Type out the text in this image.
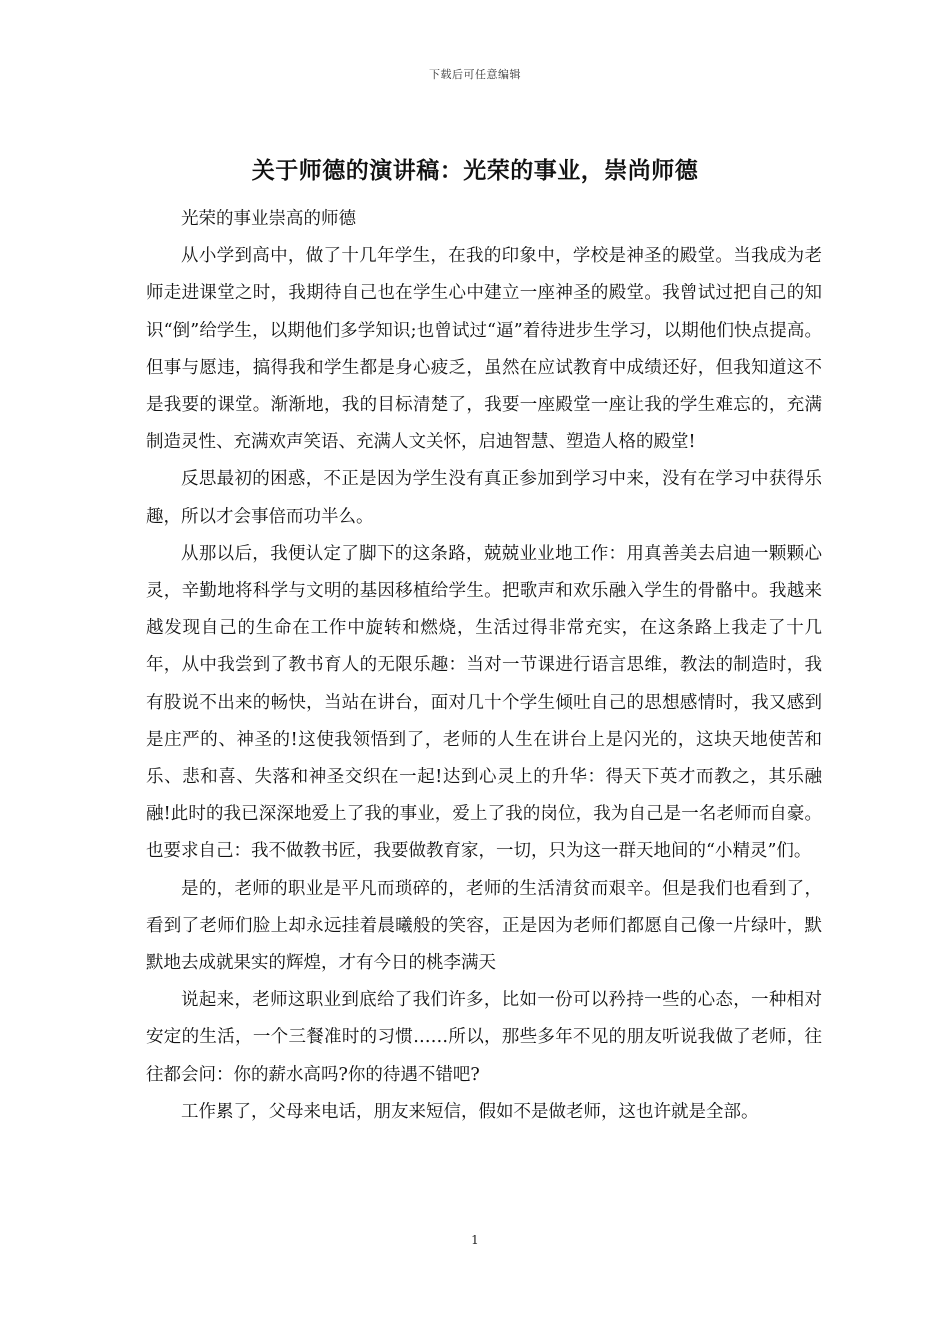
下载后可任意编辑
关于师德的演讲稿：光荣的事业，崇尚师德

光荣的事业崇高的师德

从小学到高中，做了十几年学生，在我的印象中，学校是神圣的殿堂。当我成为老师走进课堂之时，我期待自己也在学生心中建立一座神圣的殿堂。我曾试过把自己的知识“倒”给学生，以期他们多学知识;也曾试过“逼”着待进步生学习，以期他们快点提高。但事与愿违，搞得我和学生都是身心疲乏，虽然在应试教育中成绩还好，但我知道这不是我要的课堂。渐渐地，我的目标清楚了，我要一座殿堂一座让我的学生难忘的，充满制造灵性、充满欢声笑语、充满人文关怀，启迪智慧、塑造人格的殿堂!

反思最初的困惑，不正是因为学生没有真正参加到学习中来，没有在学习中获得乐趣，所以才会事倍而功半么。

从那以后，我便认定了脚下的这条路，兢兢业业地工作：用真善美去启迪一颗颗心灵，辛勤地将科学与文明的基因移植给学生。把歌声和欢乐融入学生的骨骼中。我越来越发现自己的生命在工作中旋转和燃烧，生活过得非常充实，在这条路上我走了十几年，从中我尝到了教书育人的无限乐趣：当对一节课进行语言思维，教法的制造时，我有股说不出来的畅快，当站在讲台，面对几十个学生倾吐自己的思想感情时，我又感到是庄严的、神圣的!这使我领悟到了，老师的人生在讲台上是闪光的，这块天地使苦和乐、悲和喜、失落和神圣交织在一起!达到心灵上的升华：得天下英才而教之，其乐融融!此时的我已深深地爱上了我的事业，爱上了我的岗位，我为自己是一名老师而自豪。也要求自己：我不做教书匠，我要做教育家，一切，只为这一群天地间的“小精灵”们。

是的，老师的职业是平凡而琐碎的，老师的生活清贫而艰辛。但是我们也看到了，看到了老师们脸上却永远挂着晨曦般的笑容，正是因为老师们都愿自己像一片绿叶，默默地去成就果实的辉煌，才有今日的桃李满天

说起来，老师这职业到底给了我们许多，比如一份可以矜持一些的心态，一种相对安定的生活，一个三餐准时的习惯……所以，那些多年不见的朋友听说我做了老师，往往都会问：你的薪水高吗?你的待遇不错吧?

工作累了，父母来电话，朋友来短信，假如不是做老师，这也许就是全部。

1
